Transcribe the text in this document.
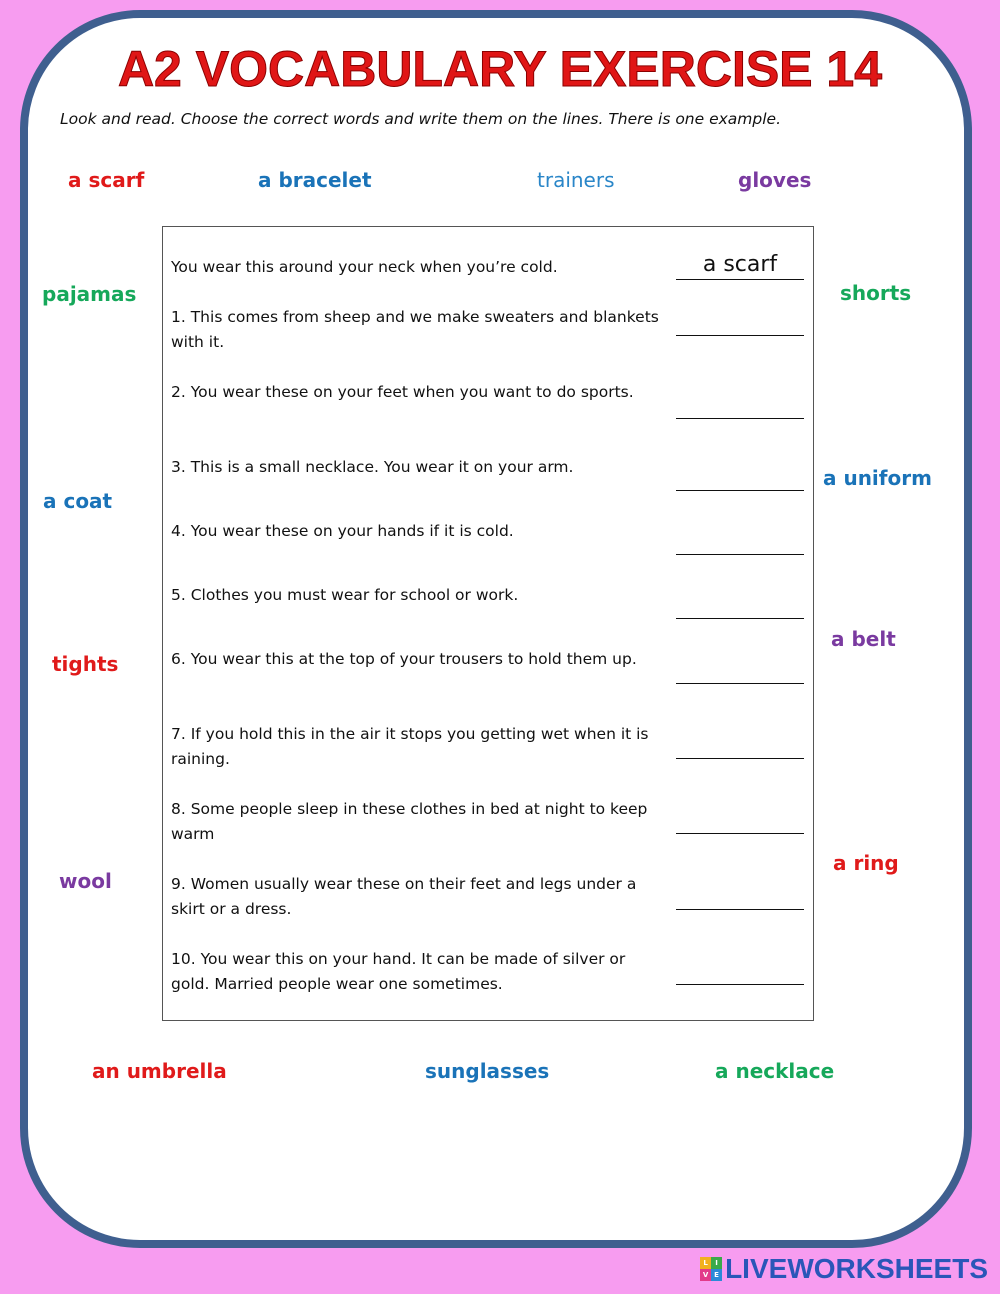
A2 VOCABULARY EXERCISE 14
Look and read. Choose the correct words and write them on the lines. There is one example.
a scarf	a bracelet	trainers	gloves
pajamas	shorts
a coat
a uniform
a belt
tights
wool
a ring
an umbrella	sunglasses	a necklace
You wear this around your neck when you’re cold.	a scarf
1. This comes from sheep and we make sweaters and blankets with it.
2. You wear these on your feet when you want to do sports.
3. This is a small necklace. You wear it on your arm.
4. You wear these on your hands if it is cold.
5. Clothes you must wear for school or work.
6. You wear this at the top of your trousers to hold them up.
7. If you hold this in the air it stops you getting wet when it is raining.
8. Some people sleep in these clothes in bed at night to keep warm
9. Women usually wear these on their feet and legs under a skirt or a dress.
10. You wear this on your hand. It can be made of silver or gold. Married people wear one sometimes.
L	I
V E LIVEWORKSHEETS
